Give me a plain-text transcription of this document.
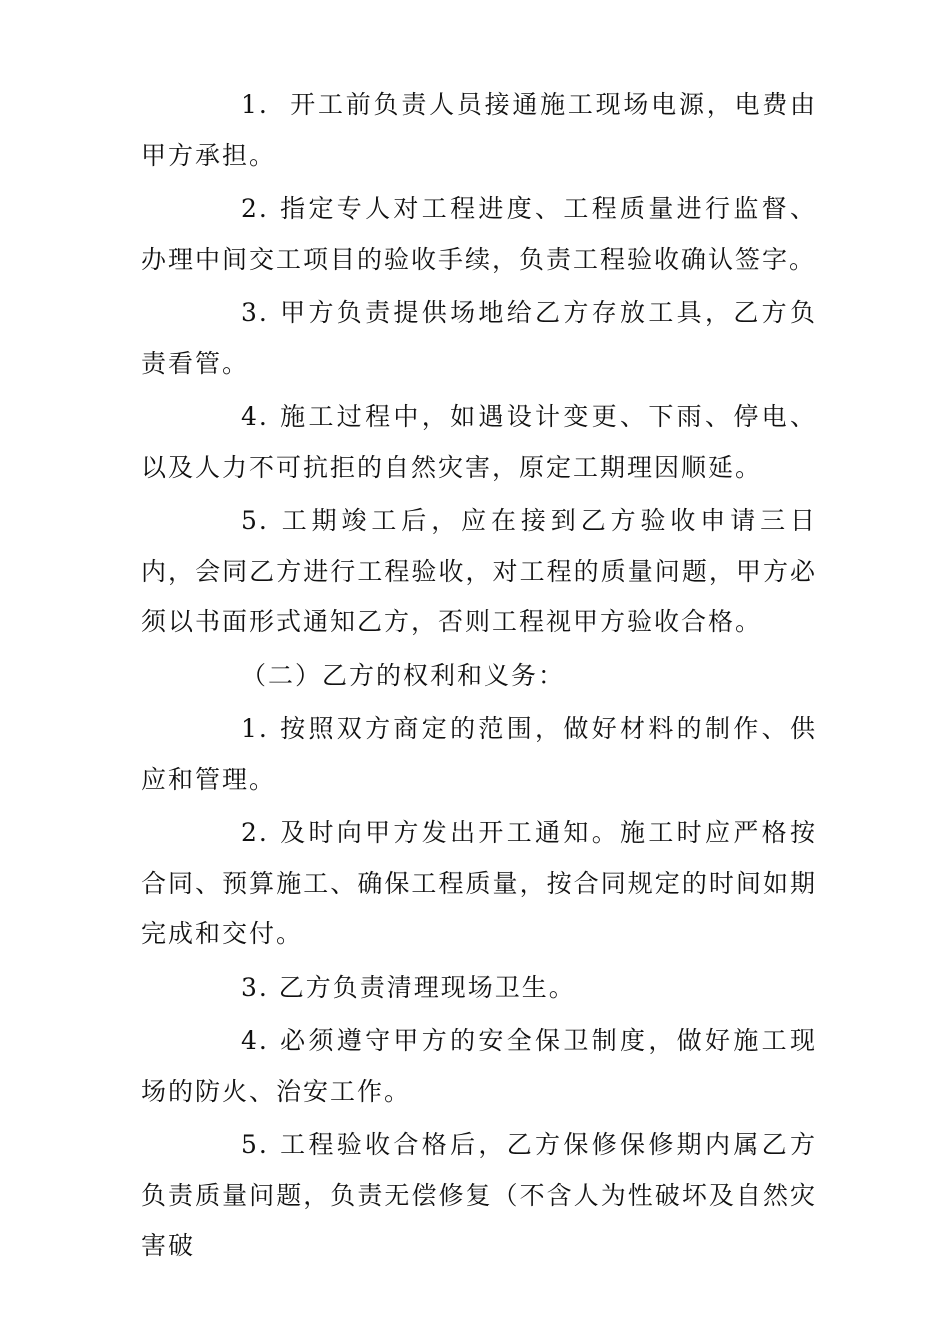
1.  开工前负责人员接通施工现场电源，电费由甲方承担。

2. 指定专人对工程进度、工程质量进行监督、办理中间交工项目的验收手续，负责工程验收确认签字。

3. 甲方负责提供场地给乙方存放工具，乙方负责看管。

4. 施工过程中，如遇设计变更、下雨、停电、以及人力不可抗拒的自然灾害，原定工期理因顺延。

5. 工期竣工后，应在接到乙方验收申请三日内，会同乙方进行工程验收，对工程的质量问题，甲方必须以书面形式通知乙方，否则工程视甲方验收合格。

（二）乙方的权利和义务：

1. 按照双方商定的范围，做好材料的制作、供应和管理。

2. 及时向甲方发出开工通知。施工时应严格按合同、预算施工、确保工程质量，按合同规定的时间如期完成和交付。

3. 乙方负责清理现场卫生。

4. 必须遵守甲方的安全保卫制度，做好施工现场的防火、治安工作。

5. 工程验收合格后，乙方保修保修期内属乙方负责质量问题，负责无偿修复（不含人为性破坏及自然灾害破
